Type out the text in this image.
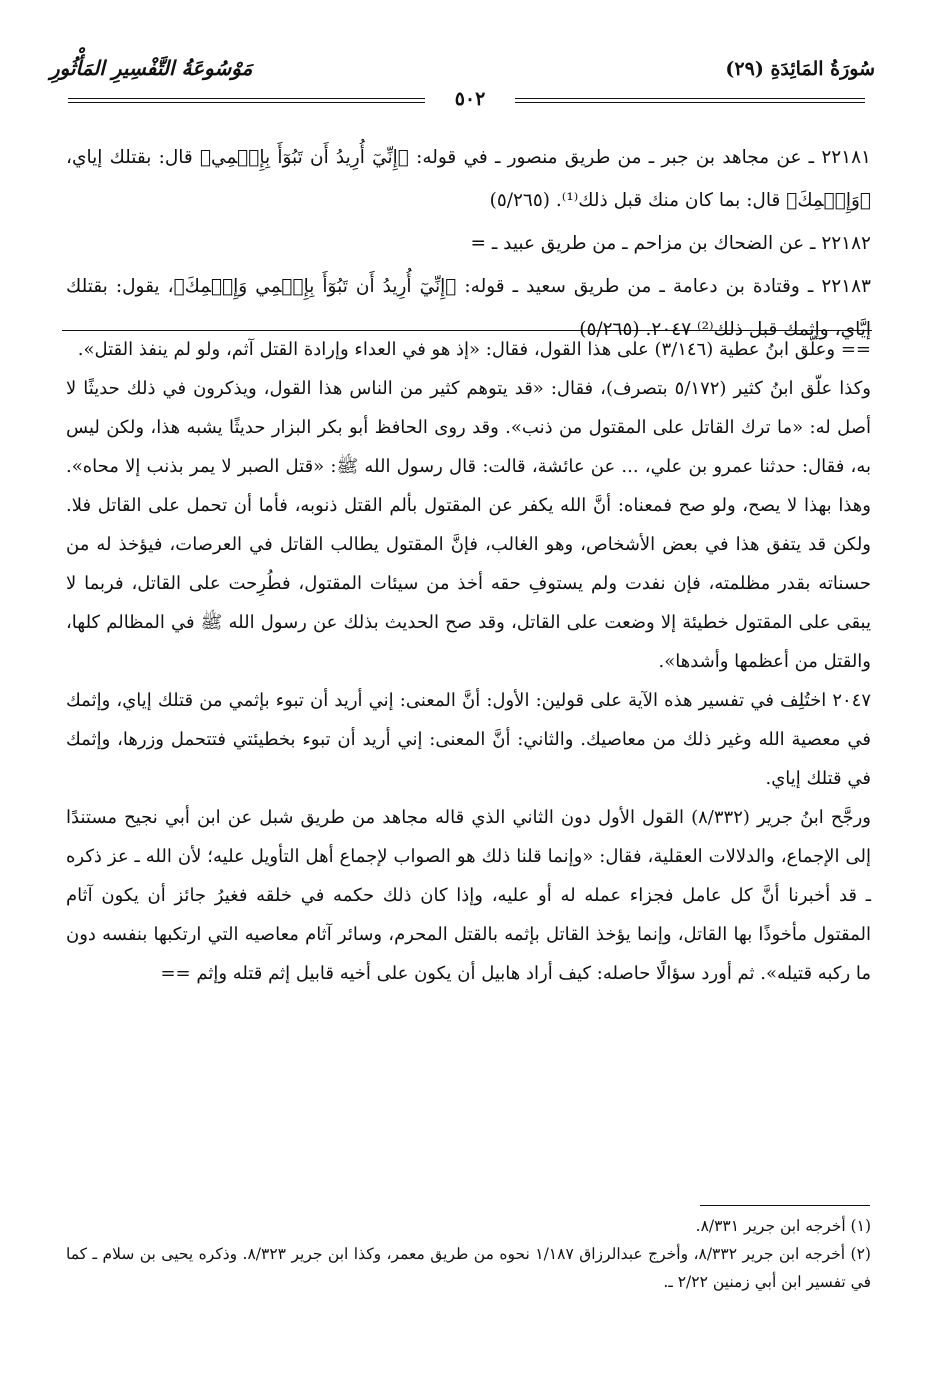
سُورَةُ المَائِدَةِ (٢٩)
مَوْسُوعَةُ التَّفْسِيرِ المَأْثُورِ
٥٠٢

٢٢١٨١ ـ عن مجاهد بن جبر ـ من طريق منصور ـ في قوله: ﴿إِنِّيٓ أُرِيدُ أَن تَبُوٓأَ بِإِثۡمِي﴾ قال: بقتلك إياي، ﴿وَإِثۡمِكَ﴾ قال: بما كان منك قبل ذلك⁽¹⁾. (٥/٢٦٥)

٢٢١٨٢ ـ عن الضحاك بن مزاحم ـ من طريق عبيد ـ =

٢٢١٨٣ ـ وقتادة بن دعامة ـ من طريق سعيد ـ قوله: ﴿إِنِّيٓ أُرِيدُ أَن تَبُوٓأَ بِإِثۡمِي وَإِثۡمِكَ﴾، يقول: بقتلك إيَّاي، وإثمك قبل ذلك⁽²⁾ ٢٠٤٧. (٥/٢٦٥)

== وعلّق ابنُ عطية (٣/١٤٦) على هذا القول، فقال: «إذ هو في العداء وإرادة القتل آثم، ولو لم ينفذ القتل».

وكذا علّق ابنُ كثير (٥/١٧٢ بتصرف)، فقال: «قد يتوهم كثير من الناس هذا القول، ويذكرون في ذلك حديثًا لا أصل له: «ما ترك القاتل على المقتول من ذنب». وقد روى الحافظ أبو بكر البزار حديثًا يشبه هذا، ولكن ليس به، فقال: حدثنا عمرو بن علي، ... عن عائشة، قالت: قال رسول الله ﷺ: «قتل الصبر لا يمر بذنب إلا محاه». وهذا بهذا لا يصح، ولو صح فمعناه: أنَّ الله يكفر عن المقتول بألم القتل ذنوبه، فأما أن تحمل على القاتل فلا. ولكن قد يتفق هذا في بعض الأشخاص، وهو الغالب، فإنَّ المقتول يطالب القاتل في العرصات، فيؤخذ له من حسناته بقدر مظلمته، فإن نفدت ولم يستوفِ حقه أخذ من سيئات المقتول، فطُرِحت على القاتل، فربما لا يبقى على المقتول خطيئة إلا وضعت على القاتل، وقد صح الحديث بذلك عن رسول الله ﷺ في المظالم كلها، والقتل من أعظمها وأشدها».

٢٠٤٧ اختُلِف في تفسير هذه الآية على قولين: الأول: أنَّ المعنى: إني أريد أن تبوء بإثمي من قتلك إياي، وإثمك في معصية الله وغير ذلك من معاصيك. والثاني: أنَّ المعنى: إني أريد أن تبوء بخطيئتي فتتحمل وزرها، وإثمك في قتلك إياي.

ورجَّح ابنُ جرير (٨/٣٣٢) القول الأول دون الثاني الذي قاله مجاهد من طريق شبل عن ابن أبي نجيح مستندًا إلى الإجماع، والدلالات العقلية، فقال: «وإنما قلنا ذلك هو الصواب لإجماع أهل التأويل عليه؛ لأن الله ـ عز ذكره ـ قد أخبرنا أنَّ كل عامل فجزاء عمله له أو عليه، وإذا كان ذلك حكمه في خلقه فغيرُ جائز أن يكون آثام المقتول مأخوذًا بها القاتل، وإنما يؤخذ القاتل بإثمه بالقتل المحرم، وسائر آثام معاصيه التي ارتكبها بنفسه دون ما ركبه قتيله». ثم أورد سؤالًا حاصله: كيف أراد هابيل أن يكون على أخيه قابيل إثم قتله وإثم ==

(١) أخرجه ابن جرير ٨/٣٣١.

(٢) أخرجه ابن جرير ٨/٣٣٢، وأخرج عبدالرزاق ١/١٨٧ نحوه من طريق معمر، وكذا ابن جرير ٨/٣٢٣. وذكره يحيى بن سلام ـ كما في تفسير ابن أبي زمنين ٢/٢٢ ـ.
